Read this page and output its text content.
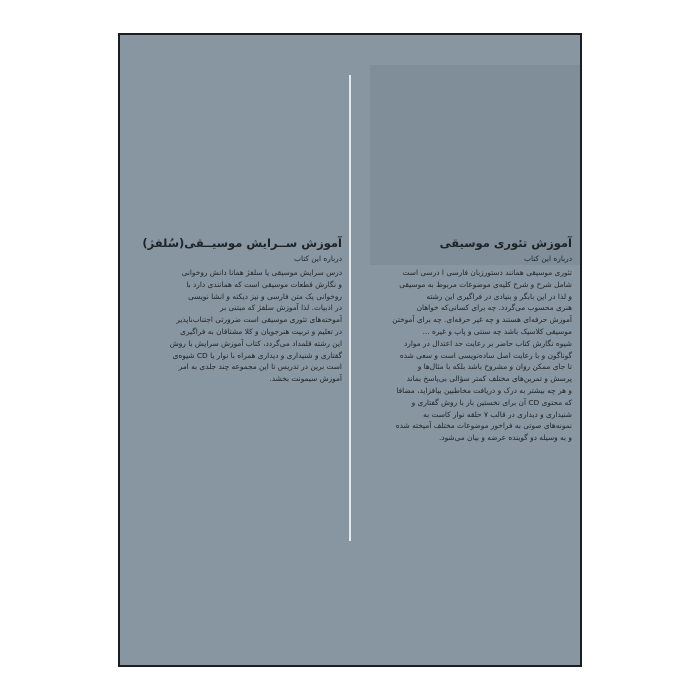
آموزش تئوری موسیقی
درباره این کتاب
تئوری موسیقی همانند دستورزبان فارسی ا درسی است
شامل شرح و شرح کلیه‌ی موضوعات مربوط به موسیقی
و لذا در این بابگر و بنیادی در فراگیری این رشته
هنری محسوب می‌گردد. چه برای کسانی‌که خواهان
آموزش حرفه‌ای هستند و چه غیر حرفه‌ای. چه برای آموختن
موسیقی کلاسیک باشد چه سنتی و پاپ و غیره ...
شیوه نگارش کتاب حاضر بر رعایت حد اعتدال در موارد
گوناگون و با رعایت اصل ساده‌نویسی است و سعی شده
تا جای ممکن روان و مشروح باشد بلکه با مثال‌ها و
پرسش و تمرین‌های مختلف کمتر سؤالی بی‌پاسخ بماند
و هر چه بیشتر به درک و دریافت مخاطبین بیافزاید، مضافا
که محتوی CD آن برای نخستین بار با روش گفتاری و
شنیداری و دیداری در قالب ۷ حلقه نوار کاست به
نمونه‌های صوتی به فراخور موضوعات مختلف آمیخته شده
و به وسیله دو گوینده عرضه و بیان می‌شود.
آموزش ســرایش موسیــقی(سُلفژ)
درباره این کتاب
درس سرایش موسیقی یا سلفژ همانا دانش روخوانی
و نگارش قطعات موسیقی است که همانندی دارد با
روخوانی یک متن فارسی و نیز دیکته و انشا نویسی
در ادبیات. لذا آموزش سلفژ که مبتنی بر
آموخته‌های تئوری موسیقی است ضرورتی اجتناب‌ناپذیر
در تعلیم و تربیت هنرجویان و کلا مشتاقان به فراگیری
این رشته قلمداد می‌گردد، کتاب آموزش سرایش با روش
گفتاری و شنیداری و دیداری همراه با نوار یا CD شیوه‌ی
است برین در تدریس تا این مجموعه چند جلدی به امر
آموزش سیمونت بخشد.
